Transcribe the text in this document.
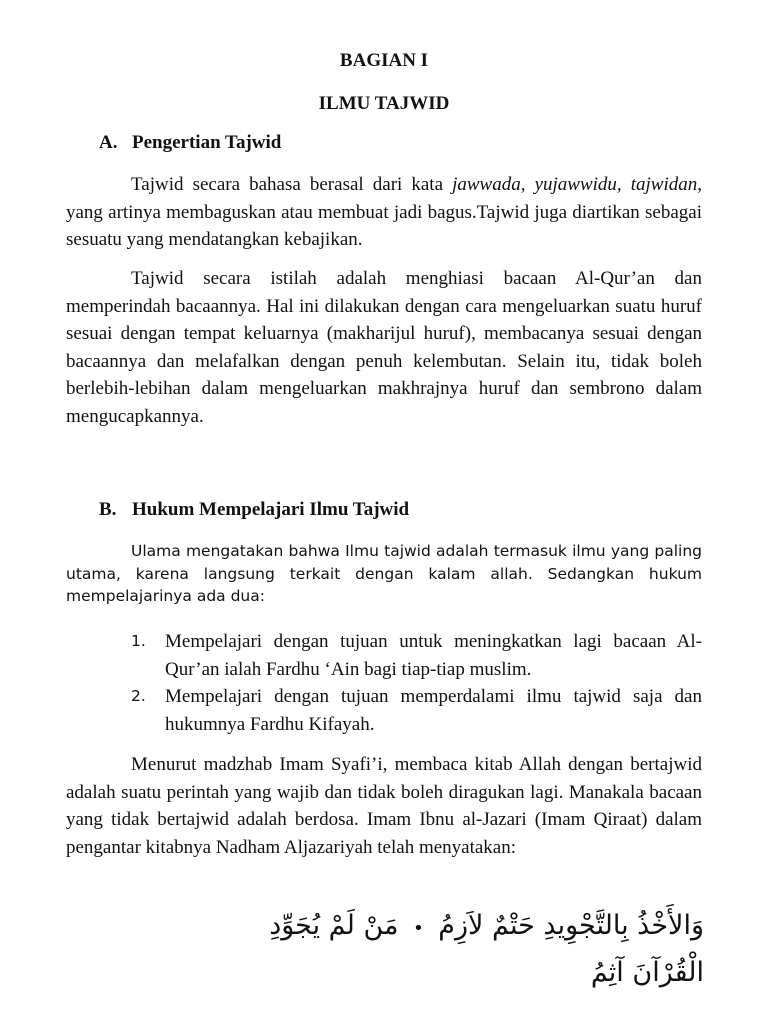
BAGIAN I
ILMU TAJWID
A. Pengertian Tajwid

Tajwid secara bahasa berasal dari kata jawwada, yujawwidu, tajwidan, yang artinya membaguskan atau membuat jadi bagus.Tajwid juga diartikan sebagai sesuatu yang mendatangkan kebajikan.

Tajwid secara istilah adalah menghiasi bacaan Al-Qur’an dan memperindah bacaannya. Hal ini dilakukan dengan cara mengeluarkan suatu huruf sesuai dengan tempat keluarnya (makharijul huruf), membacanya sesuai dengan bacaannya dan melafalkan dengan penuh kelembutan. Selain itu, tidak boleh berlebih-lebihan dalam mengeluarkan makhrajnya huruf dan sembrono dalam mengucapkannya.

B. Hukum Mempelajari Ilmu Tajwid

Ulama mengatakan bahwa Ilmu tajwid adalah termasuk ilmu yang paling utama, karena langsung terkait dengan kalam allah. Sedangkan hukum mempelajarinya ada dua:

1. Mempelajari dengan tujuan untuk meningkatkan lagi bacaan Al-Qur’an ialah Fardhu ‘Ain bagi tiap-tiap muslim.
2. Mempelajari dengan tujuan memperdalami ilmu tajwid saja dan hukumnya Fardhu Kifayah.

Menurut madzhab Imam Syafi’i, membaca kitab Allah dengan bertajwid adalah suatu perintah yang wajib dan tidak boleh diragukan lagi. Manakala bacaan yang tidak bertajwid adalah berdosa. Imam Ibnu al-Jazari (Imam Qiraat) dalam pengantar kitabnya Nadham Aljazariyah telah menyatakan:

وَالأَخْذُ بِالتَّجْوِيدِ حَتْمٌ لاَزِمُ • مَنْ لَمْ يُجَوِّدِ الْقُرْآنَ آثِمُ
